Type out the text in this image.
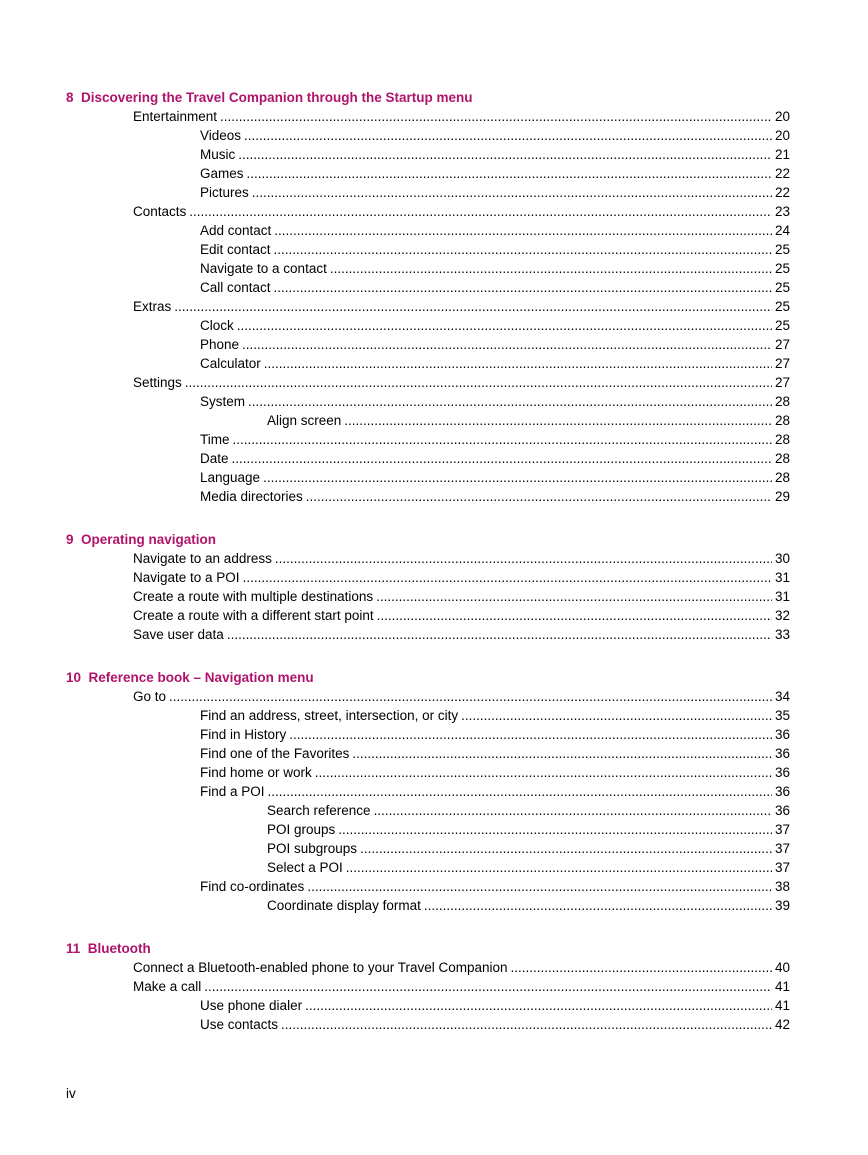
8  Discovering the Travel Companion through the Startup menu
Entertainment .....	20
Videos .....	20
Music .....	21
Games .....	22
Pictures .....	22
Contacts .....	23
Add contact .....	24
Edit contact .....	25
Navigate to a contact .....	25
Call contact .....	25
Extras .....	25
Clock .....	25
Phone .....	27
Calculator .....	27
Settings .....	27
System .....	28
Align screen .....	28
Time .....	28
Date .....	28
Language .....	28
Media directories .....	29
9  Operating navigation
Navigate to an address .....	30
Navigate to a POI .....	31
Create a route with multiple destinations .....	31
Create a route with a different start point .....	32
Save user data .....	33
10  Reference book – Navigation menu
Go to .....	34
Find an address, street, intersection, or city .....	35
Find in History .....	36
Find one of the Favorites .....	36
Find home or work .....	36
Find a POI .....	36
Search reference .....	36
POI groups .....	37
POI subgroups .....	37
Select a POI .....	37
Find co-ordinates .....	38
Coordinate display format .....	39
11  Bluetooth
Connect a Bluetooth-enabled phone to your Travel Companion .....	40
Make a call .....	41
Use phone dialer .....	41
Use contacts .....	42
iv
